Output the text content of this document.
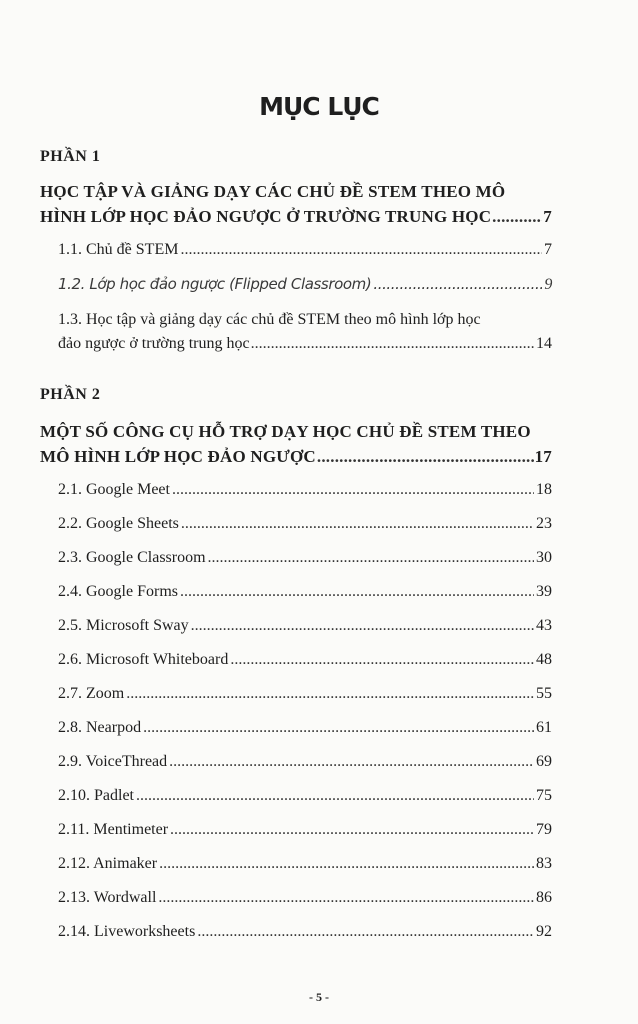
MỤC LỤC
PHẦN 1
HỌC TẬP VÀ GIẢNG DẠY CÁC CHỦ ĐỀ STEM THEO MÔ
HÌNH LỚP HỌC ĐẢO NGƯỢC Ở TRƯỜNG TRUNG HỌC .....	7
1.1. Chủ đề STEM .....	7
1.2. Lớp học đảo ngược (Flipped Classroom) .....	9
1.3. Học tập và giảng dạy các chủ đề STEM theo mô hình lớp học
đảo ngược ở trường trung học .....	14
PHẦN 2
MỘT SỐ CÔNG CỤ HỖ TRỢ DẠY HỌC CHỦ ĐỀ STEM THEO
MÔ HÌNH LỚP HỌC ĐẢO NGƯỢC .....	17
2.1. Google Meet .....	18
2.2. Google Sheets .....	23
2.3. Google Classroom .....	30
2.4. Google Forms .....	39
2.5. Microsoft Sway .....	43
2.6. Microsoft Whiteboard .....	48
2.7. Zoom .....	55
2.8. Nearpod .....	61
2.9. VoiceThread .....	69
2.10. Padlet .....	75
2.11. Mentimeter .....	79
2.12. Animaker .....	83
2.13. Wordwall .....	86
2.14. Liveworksheets .....	92
- 5 -
